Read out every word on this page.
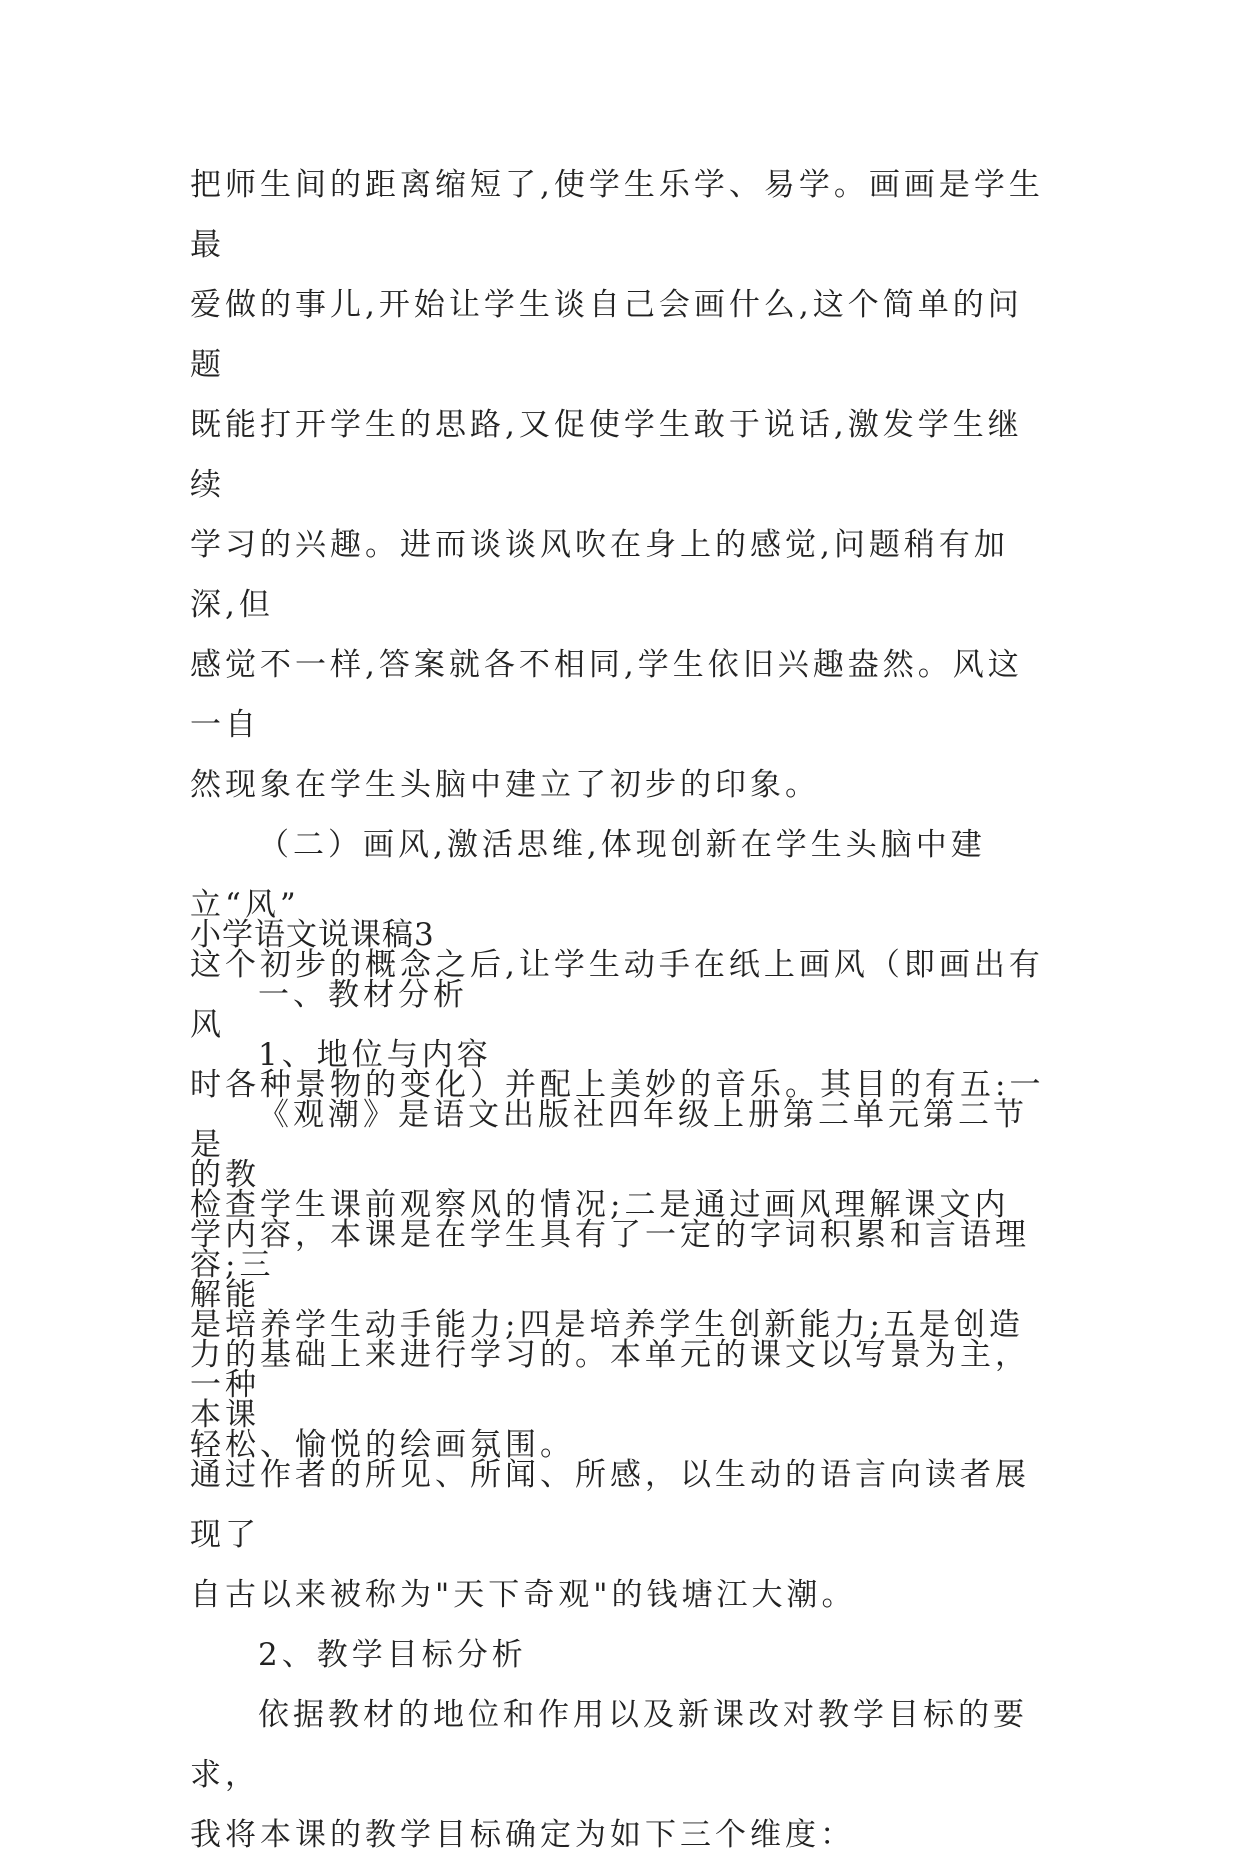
把师生间的距离缩短了,使学生乐学、易学。画画是学生最
爱做的事儿,开始让学生谈自己会画什么,这个简单的问题
既能打开学生的思路,又促使学生敢于说话,激发学生继续
学习的兴趣。进而谈谈风吹在身上的感觉,问题稍有加深,但
感觉不一样,答案就各不相同,学生依旧兴趣盎然。风这一自
然现象在学生头脑中建立了初步的印象。
（二）画风,激活思维,体现创新在学生头脑中建立“风”
这个初步的概念之后,让学生动手在纸上画风（即画出有风
时各种景物的变化）并配上美妙的音乐。其目的有五:一是
检查学生课前观察风的情况;二是通过画风理解课文内容;三
是培养学生动手能力;四是培养学生创新能力;五是创造一种
轻松、愉悦的绘画氛围。
小学语文说课稿3
一、教材分析
1、地位与内容
《观潮》是语文出版社四年级上册第二单元第二节的教
学内容，本课是在学生具有了一定的字词积累和言语理解能
力的基础上来进行学习的。本单元的课文以写景为主，本课
通过作者的所见、所闻、所感，以生动的语言向读者展现了
自古以来被称为"天下奇观"的钱塘江大潮。
2、教学目标分析
依据教材的地位和作用以及新课改对教学目标的要求，
我将本课的教学目标确定为如下三个维度：
